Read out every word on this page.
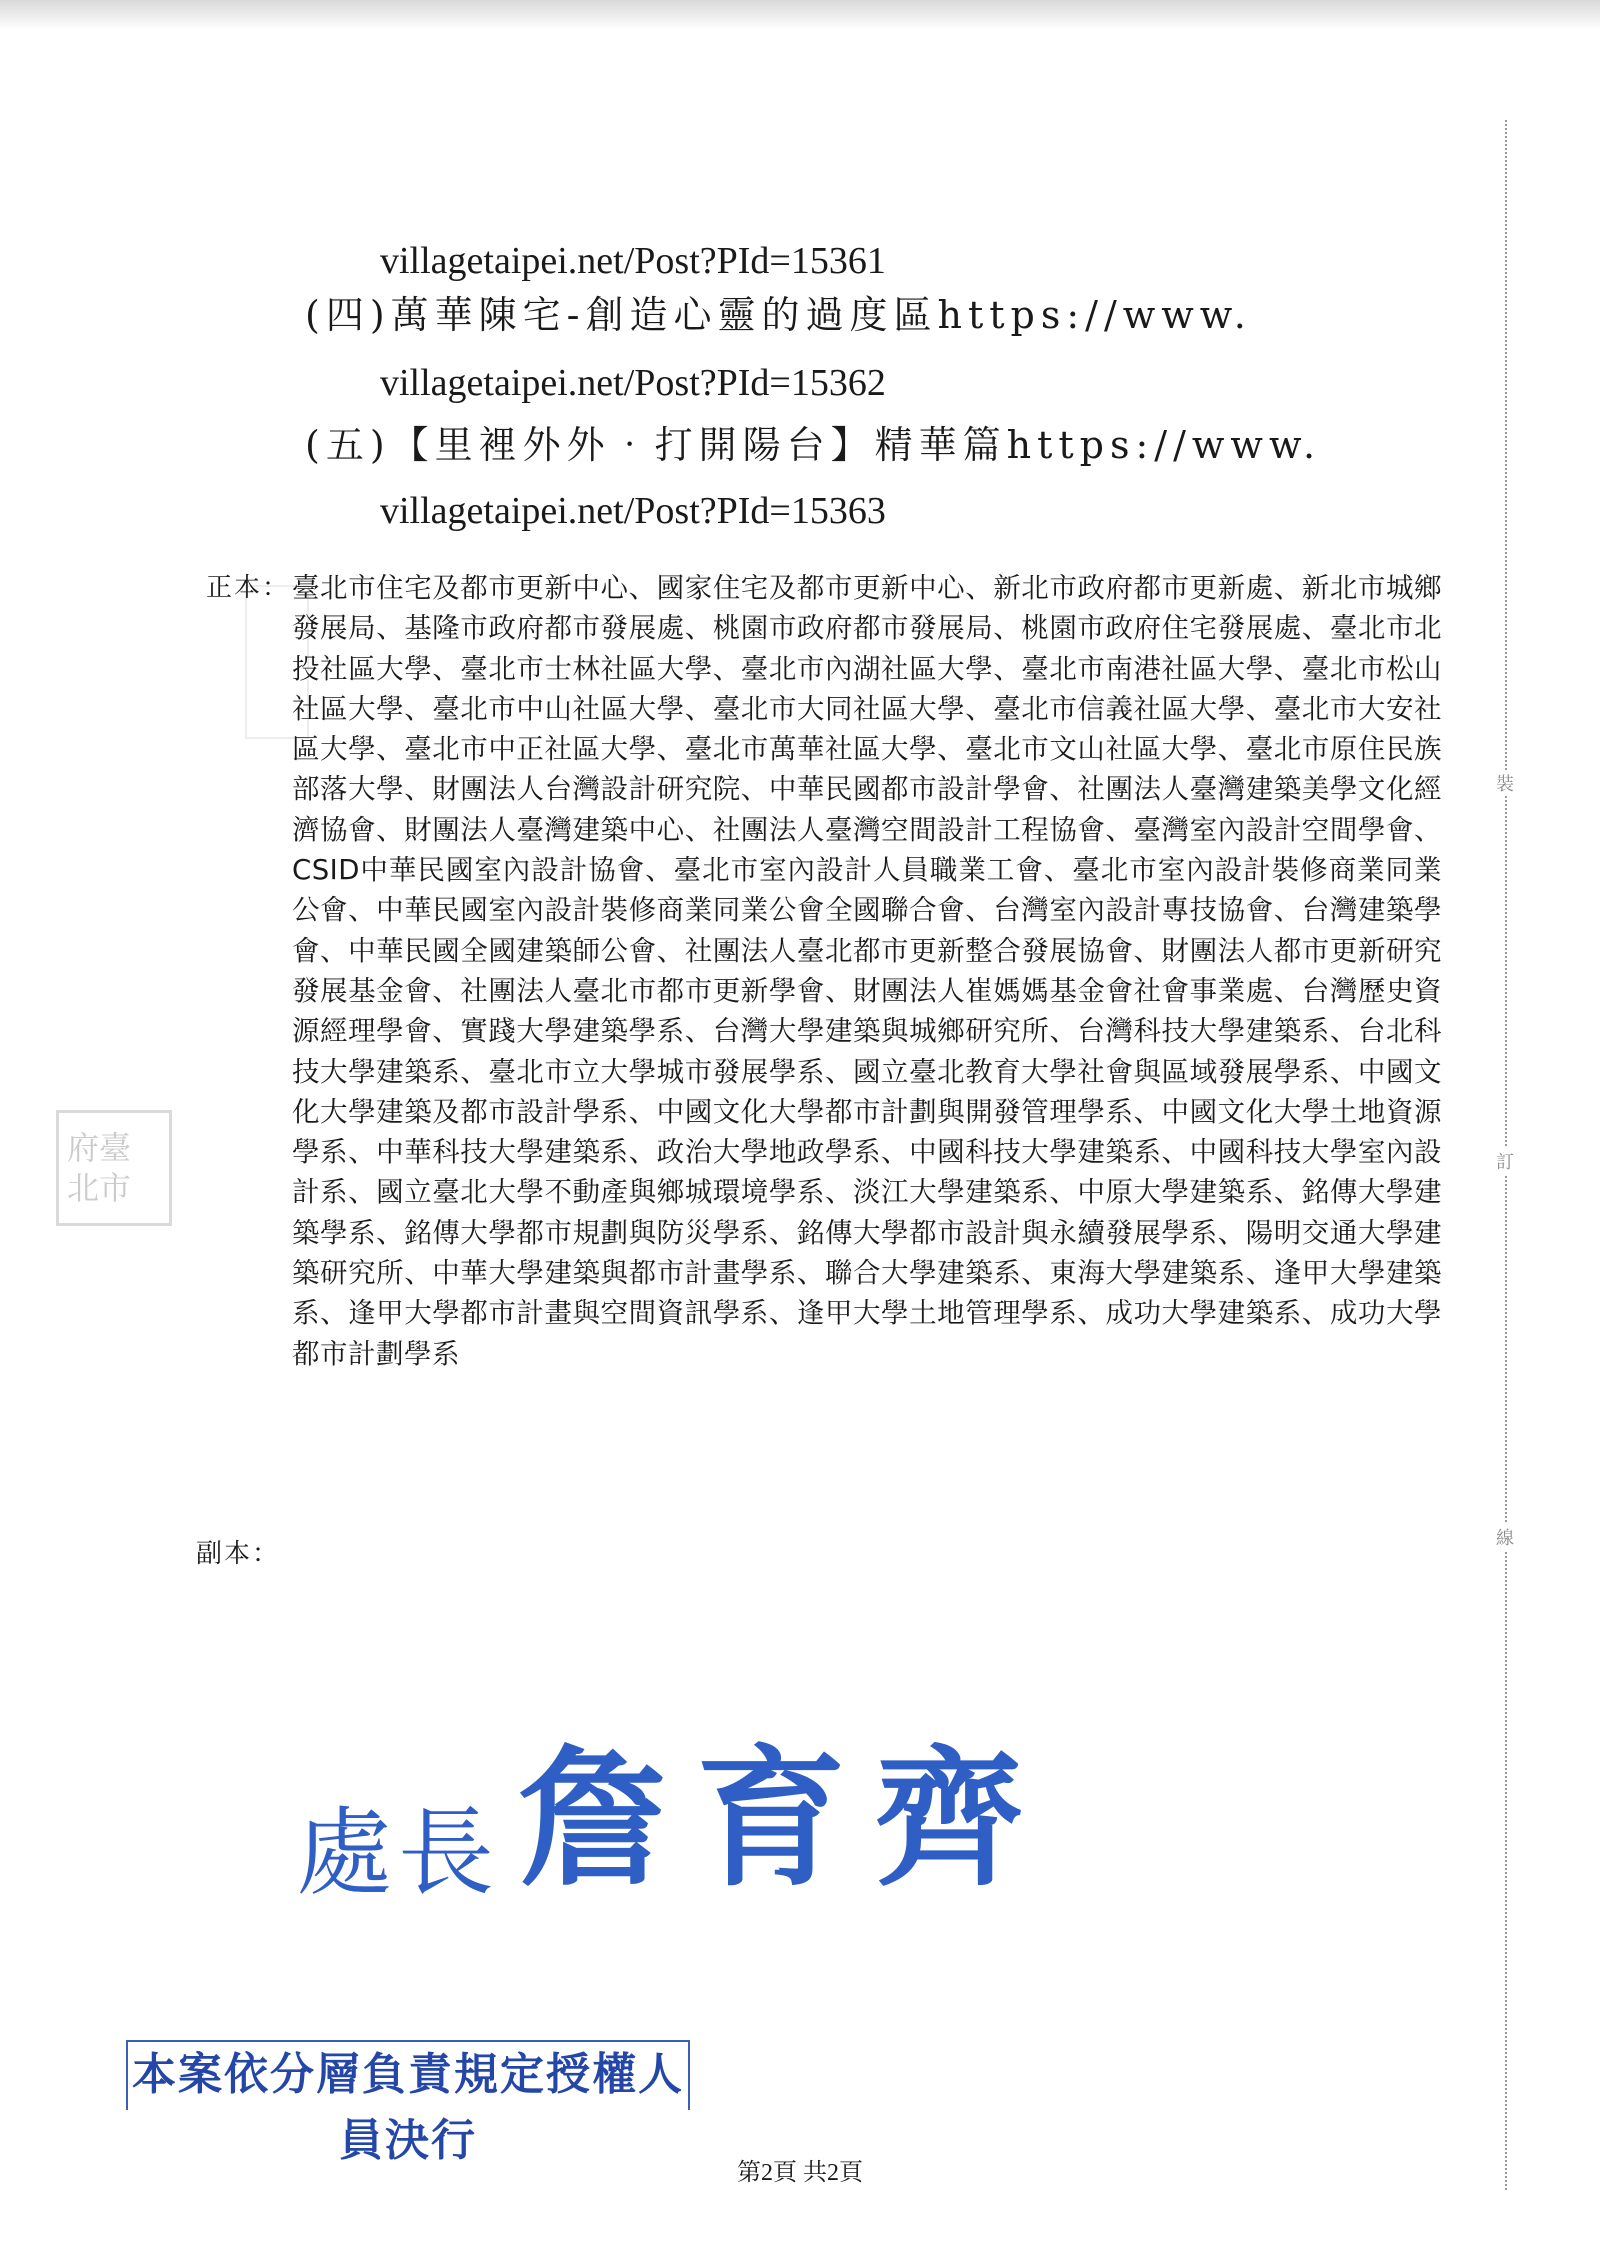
裝
訂
線
府臺北市
villagetaipei.net/Post?PId=15361
(四)萬華陳宅-創造心靈的過度區https://www.
villagetaipei.net/Post?PId=15362
(五)【里裡外外‧打開陽台】精華篇https://www.
villagetaipei.net/Post?PId=15363
正本： 臺北市住宅及都市更新中心、國家住宅及都市更新中心、新北市政府都市更新處、新北市城鄉發展局、基隆市政府都市發展處、桃園市政府都市發展局、桃園市政府住宅發展處、臺北市北投社區大學、臺北市士林社區大學、臺北市內湖社區大學、臺北市南港社區大學、臺北市松山社區大學、臺北市中山社區大學、臺北市大同社區大學、臺北市信義社區大學、臺北市大安社區大學、臺北市中正社區大學、臺北市萬華社區大學、臺北市文山社區大學、臺北市原住民族部落大學、財團法人台灣設計研究院、中華民國都市設計學會、社團法人臺灣建築美學文化經濟協會、財團法人臺灣建築中心、社團法人臺灣空間設計工程協會、臺灣室內設計空間學會、CSID中華民國室內設計協會、臺北市室內設計人員職業工會、臺北市室內設計裝修商業同業公會、中華民國室內設計裝修商業同業公會全國聯合會、台灣室內設計專技協會、台灣建築學會、中華民國全國建築師公會、社團法人臺北都市更新整合發展協會、財團法人都市更新研究發展基金會、社團法人臺北市都市更新學會、財團法人崔媽媽基金會社會事業處、台灣歷史資源經理學會、實踐大學建築學系、台灣大學建築與城鄉研究所、台灣科技大學建築系、台北科技大學建築系、臺北市立大學城市發展學系、國立臺北教育大學社會與區域發展學系、中國文化大學建築及都市設計學系、中國文化大學都市計劃與開發管理學系、中國文化大學土地資源學系、中華科技大學建築系、政治大學地政學系、中國科技大學建築系、中國科技大學室內設計系、國立臺北大學不動產與鄉城環境學系、淡江大學建築系、中原大學建築系、銘傳大學建築學系、銘傳大學都市規劃與防災學系、銘傳大學都市設計與永續發展學系、陽明交通大學建築研究所、中華大學建築與都市計畫學系、聯合大學建築系、東海大學建築系、逢甲大學建築系、逢甲大學都市計畫與空間資訊學系、逢甲大學土地管理學系、成功大學建築系、成功大學都市計劃學系
副本：
處長 詹育齊
本案依分層負責規定授權人員決行
第2頁 共2頁
